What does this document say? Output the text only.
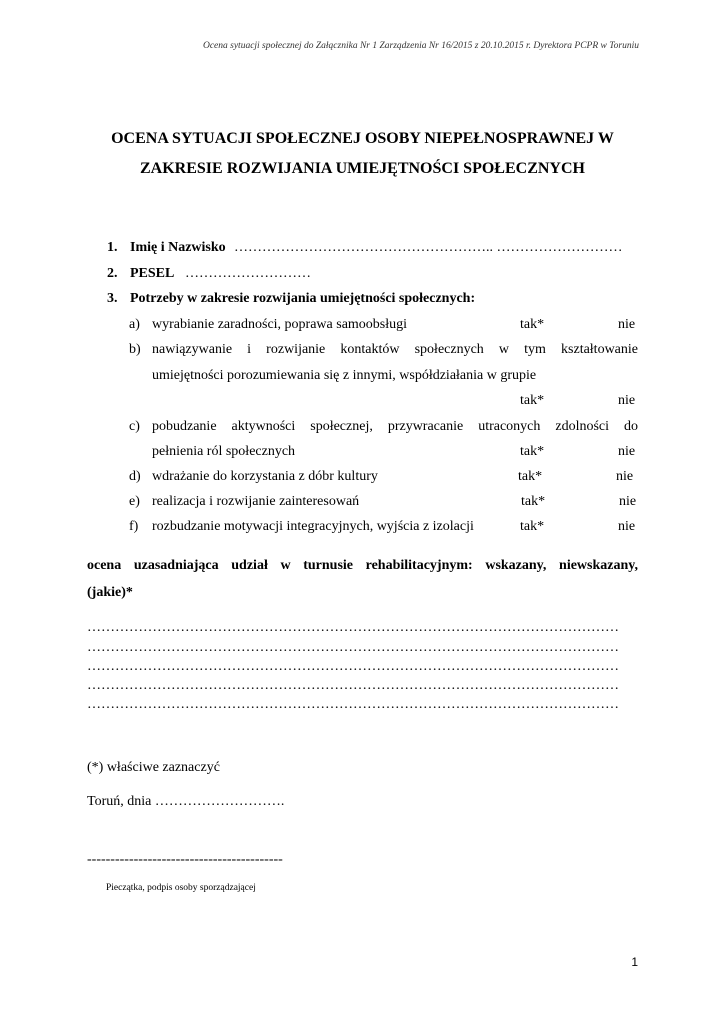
Ocena sytuacji społecznej do Załącznika Nr 1 Zarządzenia Nr 16/2015 z 20.10.2015 r. Dyrektora PCPR w Toruniu
OCENA SYTUACJI SPOŁECZNEJ OSOBY NIEPEŁNOSPRAWNEJ W
ZAKRESIE ROZWIJANIA UMIEJĘTNOŚCI SPOŁECZNYCH
1. Imię i Nazwisko ……………………………………………….. ………………………
2. PESEL ………………………
3. Potrzeby w zakresie rozwijania umiejętności społecznych:
a) wyrabianie zaradności, poprawa samoobsługi	tak*	nie
b) nawiązywanie i rozwijanie kontaktów społecznych w tym kształtowanie
umiejętności porozumiewania się z innymi, współdziałania w grupie
tak*	nie
c) pobudzanie aktywności społecznej, przywracanie utraconych zdolności do
pełnienia ról społecznych	tak*	nie
d) wdrażanie do korzystania z dóbr kultury	tak*	nie
e) realizacja i rozwijanie zainteresowań	tak*	nie
f) rozbudzanie motywacji integracyjnych, wyjścia z izolacji	tak*	nie
ocena uzasadniająca udział w turnusie rehabilitacyjnym: wskazany, niewskazany,
(jakie)*
……………………………………………………………………………………………………
……………………………………………………………………………………………………
……………………………………………………………………………………………………
……………………………………………………………………………………………………
……………………………………………………………………………………………………
(*) właściwe zaznaczyć
Toruń, dnia ……………………….
------------------------------------------
Pieczątka, podpis osoby sporządzającej
1
